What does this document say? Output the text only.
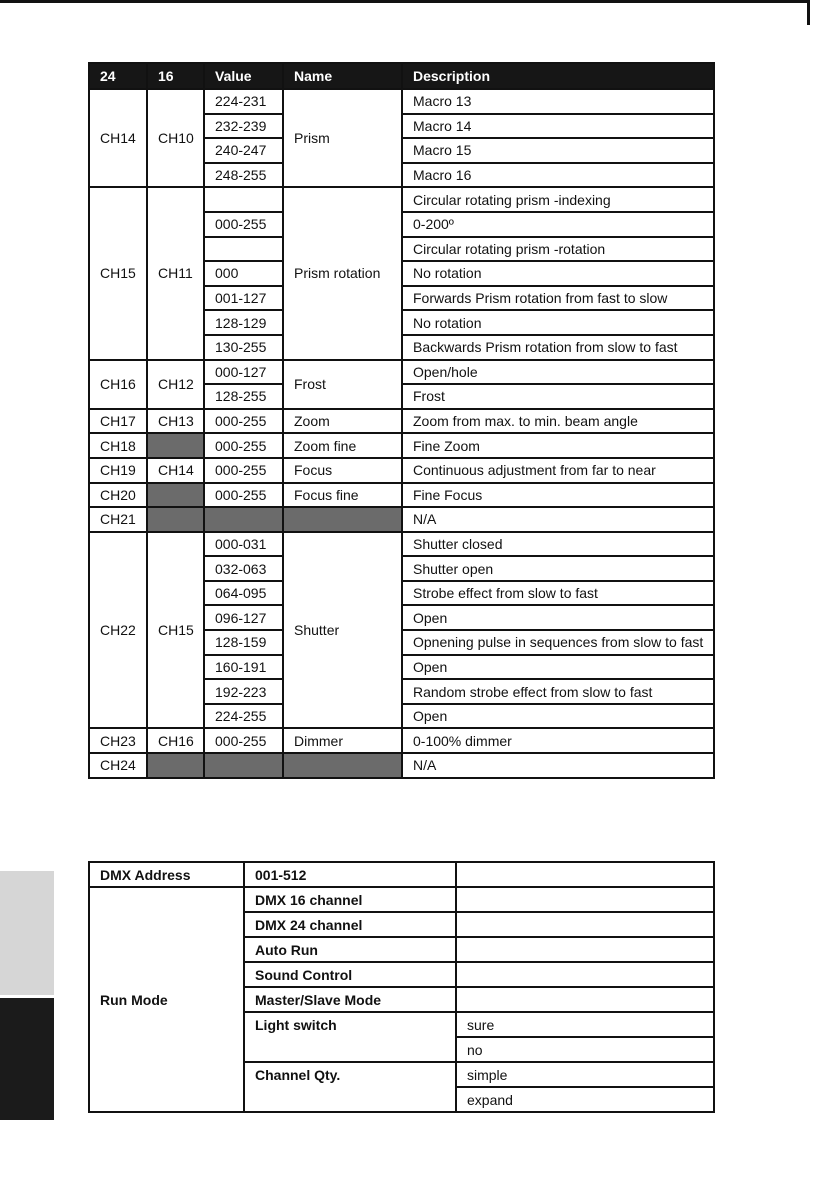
24	16	Value	Name	Description
CH14	CH10	224-231	Prism	Macro 13
		232-239		Macro 14
		240-247		Macro 15
		248-255		Macro 16
CH15	CH11		Prism rotation	Circular rotating prism -indexing
		000-255		0-200º
				Circular rotating prism -rotation
		000		No rotation
		001-127		Forwards Prism rotation from fast to slow
		128-129		No rotation
		130-255		Backwards Prism rotation from slow to fast
CH16	CH12	000-127	Frost	Open/hole
		128-255		Frost
CH17	CH13	000-255	Zoom	Zoom from max. to min. beam angle
CH18		000-255	Zoom fine	Fine Zoom
CH19	CH14	000-255	Focus	Continuous adjustment from far to near
CH20		000-255	Focus fine	Fine Focus
CH21				N/A
CH22	CH15	000-031	Shutter	Shutter closed
		032-063		Shutter open
		064-095		Strobe effect from slow to fast
		096-127		Open
		128-159		Opnening pulse in sequences from slow to fast
		160-191		Open
		192-223		Random strobe effect from slow to fast
		224-255		Open
CH23	CH16	000-255	Dimmer	0-100% dimmer
CH24				N/A
DMX Address	001-512	
Run Mode	DMX 16 channel	
	DMX 24 channel	
	Auto Run	
	Sound Control	
	Master/Slave Mode	
	Light switch	sure
		no
	Channel Qty.	simple
		expand
